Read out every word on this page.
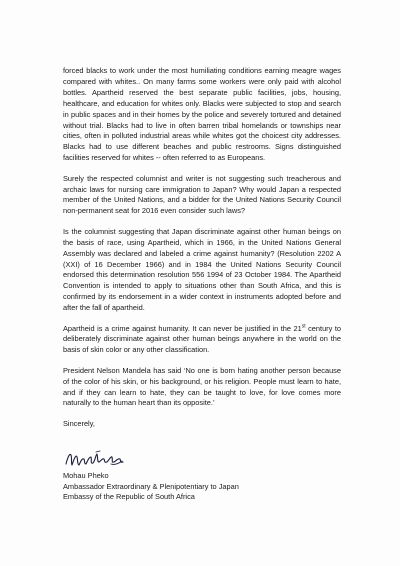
forced blacks to work under the most humiliating conditions earning meagre wages compared with whites.. On many farms some workers were only paid with alcohol bottles. Apartheid reserved the best separate public facilities, jobs, housing, healthcare, and education for whites only. Blacks were subjected to stop and search in public spaces and in their homes by the police and severely tortured and detained without trial. Blacks had to live in often barren tribal homelands or townships near cities, often in polluted industrial areas while whites got the choicest city addresses. Blacks had to use different beaches and public restrooms. Signs distinguished facilities reserved for whites -- often referred to as Europeans.

Surely the respected columnist and writer is not suggesting such treacherous and archaic laws for nursing care immigration to Japan? Why would Japan a respected member of the United Nations, and a bidder for the United Nations Security Council non-permanent seat for 2016 even consider such laws?

Is the columnist suggesting that Japan discriminate against other human beings on the basis of race, using Apartheid, which in 1966, in the United Nations General Assembly was declared and labeled a crime against humanity? (Resolution 2202 A (XXI) of 16 December 1966) and in 1984 the United Nations Security Council endorsed this determination resolution 556 1994 of 23 October 1984. The Apartheid Convention is intended to apply to situations other than South Africa, and this is confirmed by its endorsement in a wider context in instruments adopted before and after the fall of apartheid.

Apartheid is a crime against humanity. It can never be justified in the 21st century to deliberately discriminate against other human beings anywhere in the world on the basis of skin color or any other classification.

President Nelson Mandela has said ‘No one is born hating another person because of the color of his skin, or his background, or his religion. People must learn to hate, and if they can learn to hate, they can be taught to love, for love comes more naturally to the human heart than its opposite.’

Sincerely,

Mohau Pheko
Ambassador Extraordinary & Plenipotentiary to Japan
Embassy of the Republic of South Africa
